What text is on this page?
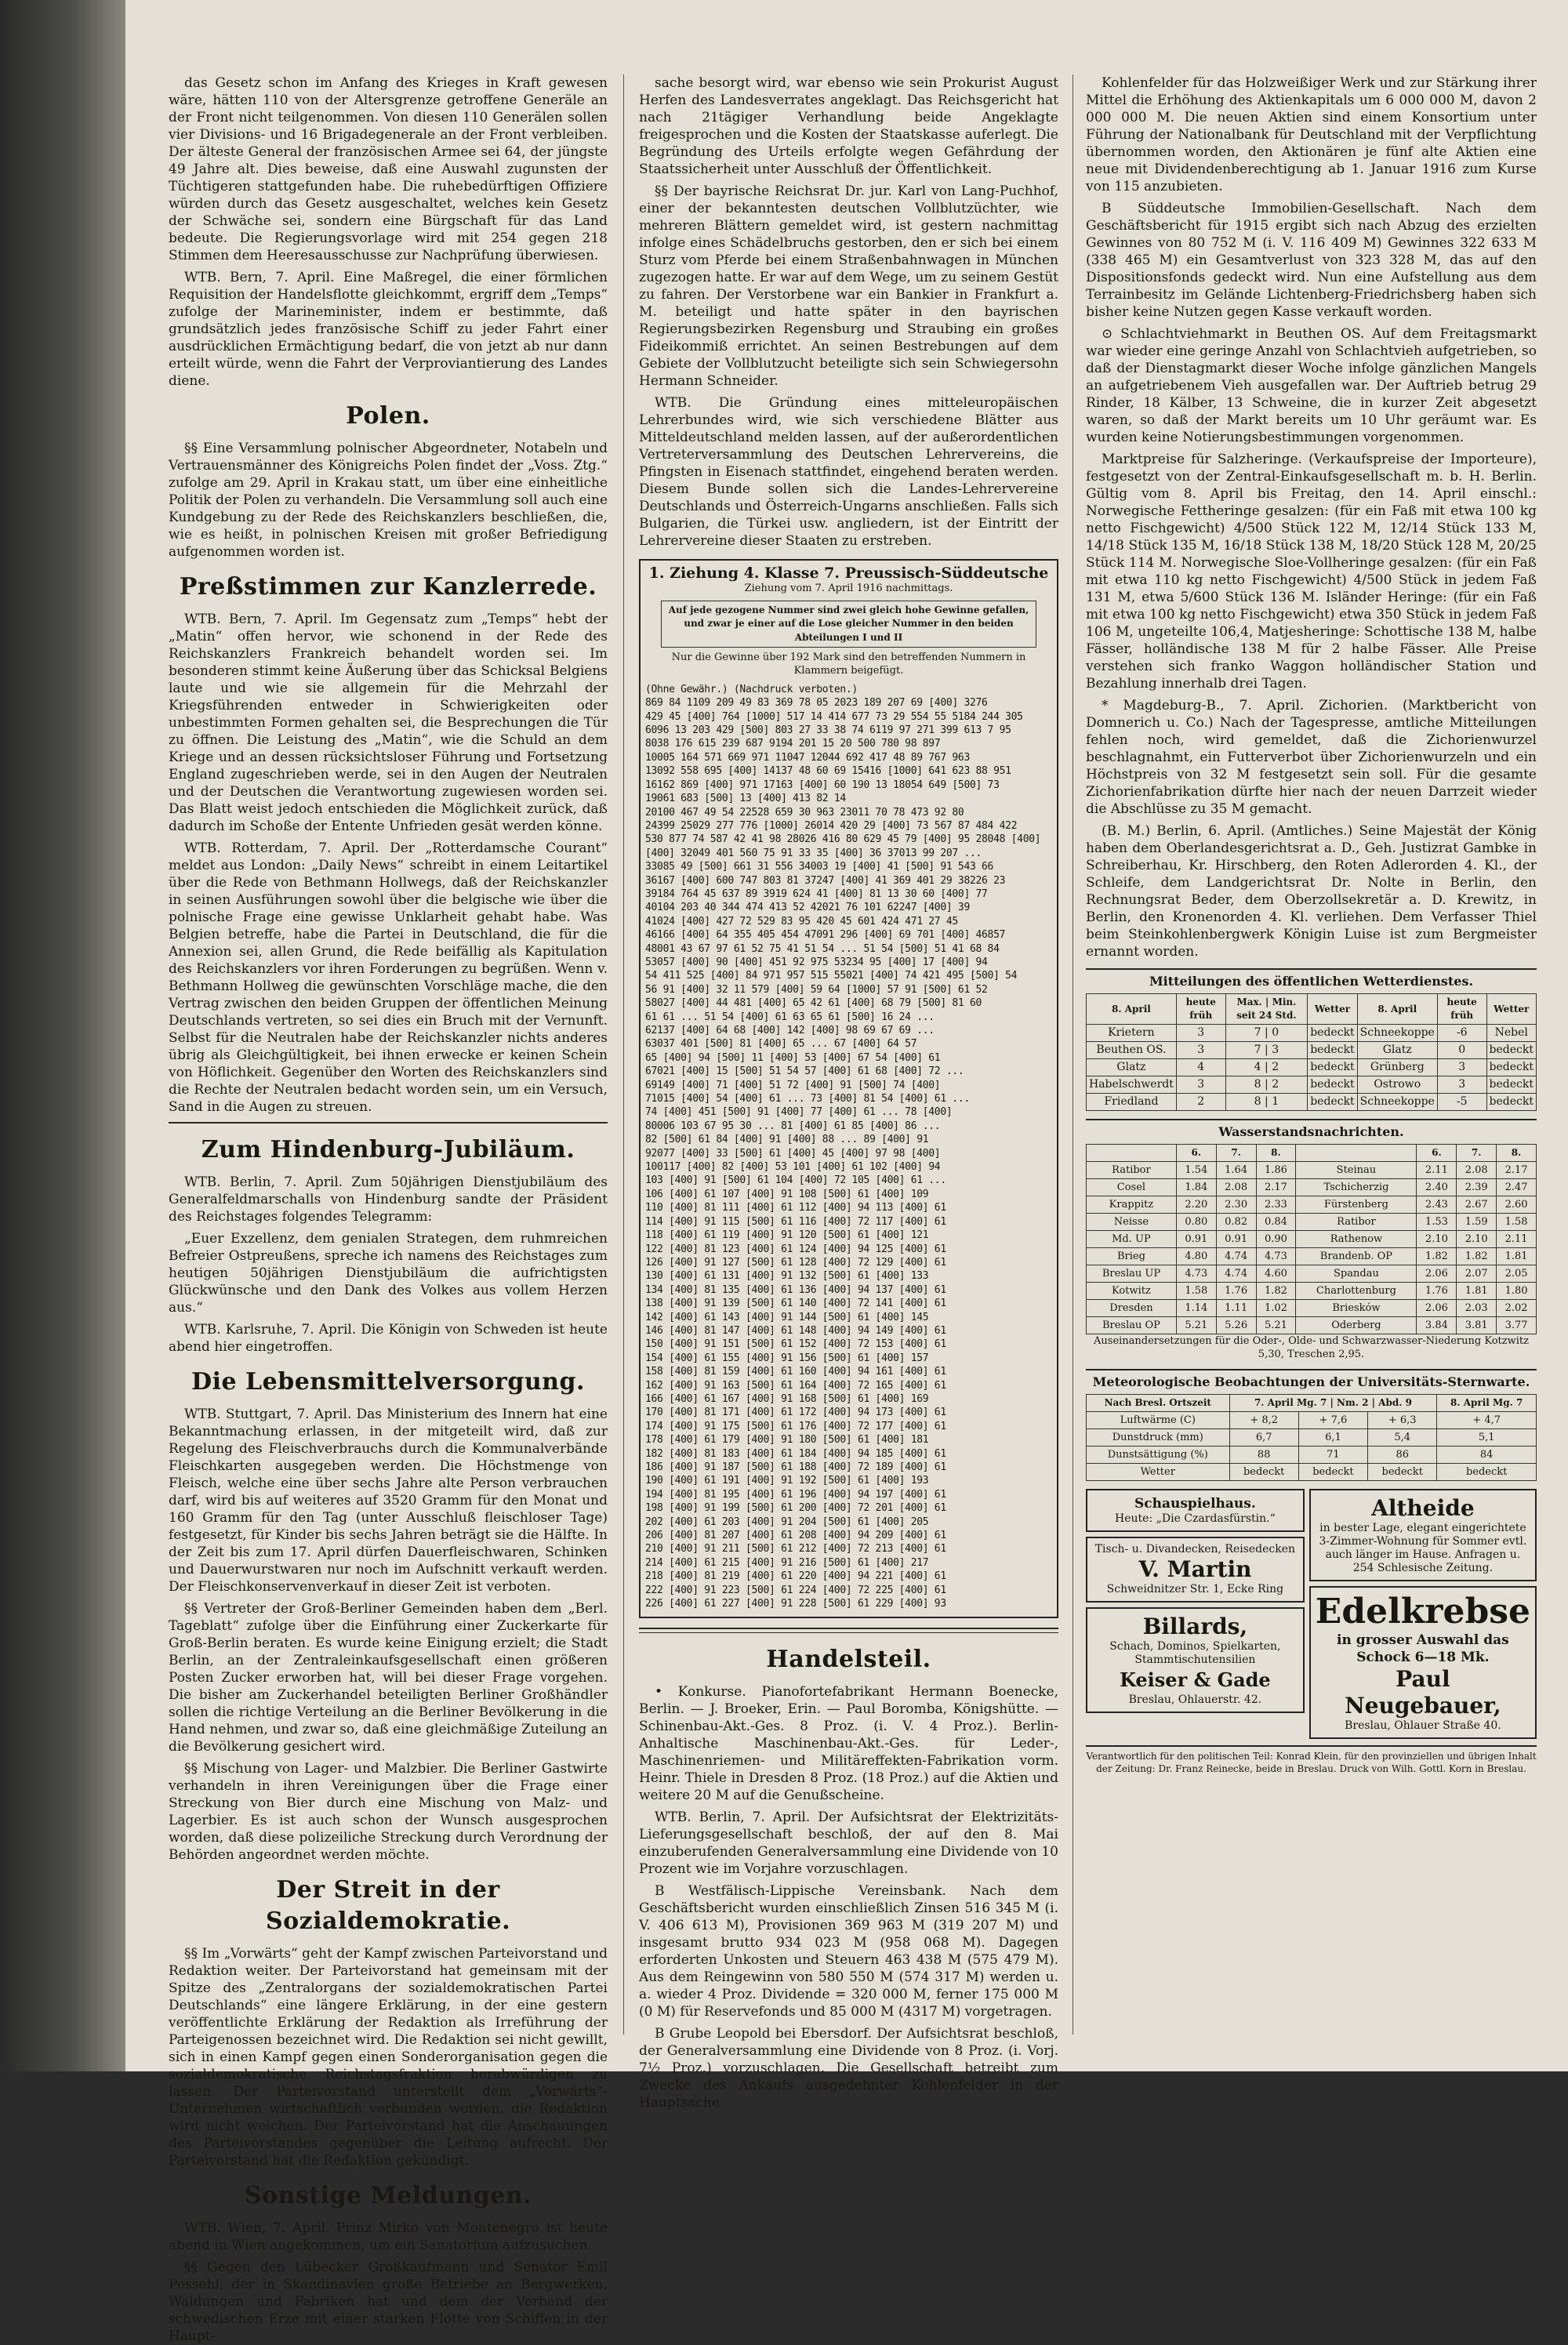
das Gesetz schon im Anfang des Krieges in Kraft gewesen wäre, hätten 110 von der Altersgrenze getroffene Generäle an der Front nicht teilgenommen. Von diesen 110 Generälen sollen vier Divisions- und 16 Brigadegenerale an der Front verbleiben. Der älteste General der französischen Armee sei 64, der jüngste 49 Jahre alt. Dies beweise, daß eine Auswahl zugunsten der Tüchtigeren stattgefunden habe. Die ruhebedürftigen Offiziere würden durch das Gesetz ausgeschaltet, welches kein Gesetz der Schwäche sei, sondern eine Bürgschaft für das Land bedeute. Die Regierungsvorlage wird mit 254 gegen 218 Stimmen dem Heeresausschusse zur Nachprüfung überwiesen.

WTB. Bern, 7. April. Eine Maßregel, die einer förmlichen Requisition der Handelsflotte gleichkommt, ergriff dem „Temps“ zufolge der Marineminister, indem er bestimmte, daß grundsätzlich jedes französische Schiff zu jeder Fahrt einer ausdrücklichen Ermächtigung bedarf, die von jetzt ab nur dann erteilt würde, wenn die Fahrt der Verproviantierung des Landes diene.

Polen.

§§ Eine Versammlung polnischer Abgeordneter, Notabeln und Vertrauensmänner des Königreichs Polen findet der „Voss. Ztg.“ zufolge am 29. April in Krakau statt, um über eine einheitliche Politik der Polen zu verhandeln. Die Versammlung soll auch eine Kundgebung zu der Rede des Reichskanzlers beschließen, die, wie es heißt, in polnischen Kreisen mit großer Befriedigung aufgenommen worden ist.

Preßstimmen zur Kanzlerrede.

WTB. Bern, 7. April. Im Gegensatz zum „Temps“ hebt der „Matin“ offen hervor, wie schonend in der Rede des Reichskanzlers Frankreich behandelt worden sei. Im besonderen stimmt keine Äußerung über das Schicksal Belgiens laute und wie sie allgemein für die Mehrzahl der Kriegsführenden entweder in Schwierigkeiten oder unbestimmten Formen gehalten sei, die Besprechungen die Tür zu öffnen. Die Leistung des „Matin“, wie die Schuld an dem Kriege und an dessen rücksichtsloser Führung und Fortsetzung England zugeschrieben werde, sei in den Augen der Neutralen und der Deutschen die Verantwortung zugewiesen worden sei. Das Blatt weist jedoch entschieden die Möglichkeit zurück, daß dadurch im Schoße der Entente Unfrieden gesät werden könne.

WTB. Rotterdam, 7. April. Der „Rotterdamsche Courant“ meldet aus London: „Daily News“ schreibt in einem Leitartikel über die Rede von Bethmann Hollwegs, daß der Reichskanzler in seinen Ausführungen sowohl über die belgische wie über die polnische Frage eine gewisse Unklarheit gehabt habe. Was Belgien betreffe, habe die Partei in Deutschland, die für die Annexion sei, allen Grund, die Rede beifällig als Kapitulation des Reichskanzlers vor ihren Forderungen zu begrüßen. Wenn v. Bethmann Hollweg die gewünschten Vorschläge mache, die den Vertrag zwischen den beiden Gruppen der öffentlichen Meinung Deutschlands vertreten, so sei dies ein Bruch mit der Vernunft. Selbst für die Neutralen habe der Reichskanzler nichts anderes übrig als Gleichgültigkeit, bei ihnen erwecke er keinen Schein von Höflichkeit. Gegenüber den Worten des Reichskanzlers sind die Rechte der Neutralen bedacht worden sein, um ein Versuch, Sand in die Augen zu streuen.

Zum Hindenburg-Jubiläum.

WTB. Berlin, 7. April. Zum 50jährigen Dienstjubiläum des Generalfeldmarschalls von Hindenburg sandte der Präsident des Reichstages folgendes Telegramm:

„Euer Exzellenz, dem genialen Strategen, dem ruhmreichen Befreier Ostpreußens, spreche ich namens des Reichstages zum heutigen 50jährigen Dienstjubiläum die aufrichtigsten Glückwünsche und den Dank des Volkes aus vollem Herzen aus.“

WTB. Karlsruhe, 7. April. Die Königin von Schweden ist heute abend hier eingetroffen.

Die Lebensmittelversorgung.

WTB. Stuttgart, 7. April. Das Ministerium des Innern hat eine Bekanntmachung erlassen, in der mitgeteilt wird, daß zur Regelung des Fleischverbrauchs durch die Kommunalverbände Fleischkarten ausgegeben werden. Die Höchstmenge von Fleisch, welche eine über sechs Jahre alte Person verbrauchen darf, wird bis auf weiteres auf 3520 Gramm für den Monat und 160 Gramm für den Tag (unter Ausschluß fleischloser Tage) festgesetzt, für Kinder bis sechs Jahren beträgt sie die Hälfte. In der Zeit bis zum 17. April dürfen Dauerfleischwaren, Schinken und Dauerwurstwaren nur noch im Aufschnitt verkauft werden. Der Fleischkonservenverkauf in dieser Zeit ist verboten.

§§ Vertreter der Groß-Berliner Gemeinden haben dem „Berl. Tageblatt“ zufolge über die Einführung einer Zuckerkarte für Groß-Berlin beraten. Es wurde keine Einigung erzielt; die Stadt Berlin, an der Zentraleinkaufsgesellschaft einen größeren Posten Zucker erworben hat, will bei dieser Frage vorgehen. Die bisher am Zuckerhandel beteiligten Berliner Großhändler sollen die richtige Verteilung an die Berliner Bevölkerung in die Hand nehmen, und zwar so, daß eine gleichmäßige Zuteilung an die Bevölkerung gesichert wird.

§§ Mischung von Lager- und Malzbier. Die Berliner Gastwirte verhandeln in ihren Vereinigungen über die Frage einer Streckung von Bier durch eine Mischung von Malz- und Lagerbier. Es ist auch schon der Wunsch ausgesprochen worden, daß diese polizeiliche Streckung durch Verordnung der Behörden angeordnet werden möchte.

Der Streit in der Sozialdemokratie.

§§ Im „Vorwärts“ geht der Kampf zwischen Parteivorstand und Redaktion weiter. Der Parteivorstand hat gemeinsam mit der Spitze des „Zentralorgans der sozialdemokratischen Partei Deutschlands“ eine längere Erklärung, in der eine gestern veröffentlichte Erklärung der Redaktion als Irreführung der Parteigenossen bezeichnet wird. Die Redaktion sei nicht gewillt, sich in einen Kampf gegen einen Sonderorganisation gegen die sozialdemokratische Reichstagsfraktion herabwürdigen zu lassen. Der Parteivorstand unterstellt dem „Vorwärts“-Unternehmen wirtschaftlich verbunden worden, die Redaktion wird nicht weichen. Der Parteivorstand hat die Anschauungen des Parteivorstandes gegenüber die Leitung aufrecht. Der Parteivorstand hat die Redaktion gekündigt.

Sonstige Meldungen.

WTB. Wien, 7. April. Prinz Mirko von Montenegro ist heute abend in Wien angekommen, um ein Sanatorium aufzusuchen.

§§ Gegen den Lübecker Großkaufmann und Senator Emil Possehl, der in Skandinavien große Betriebe an Bergwerken, Waldungen und Fabriken hat und dem der Verband der schwedischen Erze mit einer starken Flotte von Schiffen in der Haupt-

sache besorgt wird, war ebenso wie sein Prokurist August Herfen des Landesverrates angeklagt. Das Reichsgericht hat nach 21tägiger Verhandlung beide Angeklagte freigesprochen und die Kosten der Staatskasse auferlegt. Die Begründung des Urteils erfolgte wegen Gefährdung der Staatssicherheit unter Ausschluß der Öffentlichkeit.

§§ Der bayrische Reichsrat Dr. jur. Karl von Lang-Puchhof, einer der bekanntesten deutschen Vollblutzüchter, wie mehreren Blättern gemeldet wird, ist gestern nachmittag infolge eines Schädelbruchs gestorben, den er sich bei einem Sturz vom Pferde bei einem Straßenbahnwagen in München zugezogen hatte. Er war auf dem Wege, um zu seinem Gestüt zu fahren. Der Verstorbene war ein Bankier in Frankfurt a. M. beteiligt und hatte später in den bayrischen Regierungsbezirken Regensburg und Straubing ein großes Fideikommiß errichtet. An seinen Bestrebungen auf dem Gebiete der Vollblutzucht beteiligte sich sein Schwiegersohn Hermann Schneider.

WTB. Die Gründung eines mitteleuropäischen Lehrerbundes wird, wie sich verschiedene Blätter aus Mitteldeutschland melden lassen, auf der außerordentlichen Vertreterversammlung des Deutschen Lehrervereins, die Pfingsten in Eisenach stattfindet, eingehend beraten werden. Diesem Bunde sollen sich die Landes-Lehrervereine Deutschlands und Österreich-Ungarns anschließen. Falls sich Bulgarien, die Türkei usw. angliedern, ist der Eintritt der Lehrervereine dieser Staaten zu erstreben.

1. Ziehung 4. Klasse 7. Preussisch-Süddeutsche
Ziehung vom 7. April 1916 nachmittags.
Auf jede gezogene Nummer sind zwei gleich hohe Gewinne gefallen, und zwar je einer auf die Lose gleicher Nummer in den beiden Abteilungen I und II
Nur die Gewinne über 192 Mark sind den betreffenden Nummern in Klammern beigefügt.
(Ohne Gewähr.) (Nachdruck verboten.)
869 84 1109 209 49 83 369 78 05 2023 189 207 69 [400] 3276
429 45 [400] 764 [1000] 517 14 414 677 73 29 554 55 5184 244 305
6096 13 203 429 [500] 803 27 33 38 74 6119 97 271 399 613 7 95
8038 176 615 239 687 9194 201 15 20 500 780 98 897
10005 164 571 669 971 11047 12044 692 417 48 89 767 963
13092 558 695 [400] 14137 48 60 69 15416 [1000] 641 623 88 951
16162 869 [400] 971 17163 [400] 60 190 13 18054 649 [500] 73
19061 683 [500] 13 [400] 413 82 14
20100 467 49 54 22528 659 30 963 23011 70 78 473 92 80
24399 25029 277 776 [1000] 26014 420 29 [400] 73 567 87 484 422
530 877 74 587 42 41 98 28026 416 80 629 45 79 [400] 95 28048 [400]
[400] 32049 401 560 75 91 33 35 [400] 36 37013 99 207 ...
33085 49 [500] 661 31 556 34003 19 [400] 41 [500] 91 543 66
36167 [400] 600 747 803 81 37247 [400] 41 369 401 29 38226 23
39184 764 45 637 89 3919 624 41 [400] 81 13 30 60 [400] 77
40104 203 40 344 474 413 52 42021 76 101 62247 [400] 39
41024 [400] 427 72 529 83 95 420 45 601 424 471 27 45
46166 [400] 64 355 405 454 47091 296 [400] 69 701 [400] 46857
48001 43 67 97 61 52 75 41 51 54 ... 51 54 [500] 51 41 68 84
53057 [400] 90 [400] 451 92 975 53234 95 [400] 17 [400] 94
54 411 525 [400] 84 971 957 515 55021 [400] 74 421 495 [500] 54
56 91 [400] 32 11 579 [400] 59 64 [1000] 57 91 [500] 61 52
58027 [400] 44 481 [400] 65 42 61 [400] 68 79 [500] 81 60
61 61 ... 51 54 [400] 61 63 65 61 [500] 16 24 ...
62137 [400] 64 68 [400] 142 [400] 98 69 67 69 ...
63037 401 [500] 81 [400] 65 ... 67 [400] 64 57
65 [400] 94 [500] 11 [400] 53 [400] 67 54 [400] 61
67021 [400] 15 [500] 51 54 57 [400] 61 68 [400] 72 ...
69149 [400] 71 [400] 51 72 [400] 91 [500] 74 [400]
71015 [400] 54 [400] 61 ... 73 [400] 81 54 [400] 61 ...
74 [400] 451 [500] 91 [400] 77 [400] 61 ... 78 [400]
80006 103 67 95 30 ... 81 [400] 61 85 [400] 86 ...
82 [500] 61 84 [400] 91 [400] 88 ... 89 [400] 91
92077 [400] 33 [500] 61 [400] 45 [400] 97 98 [400]
100117 [400] 82 [400] 53 101 [400] 61 102 [400] 94
103 [400] 91 [500] 61 104 [400] 72 105 [400] 61 ...
106 [400] 61 107 [400] 91 108 [500] 61 [400] 109
110 [400] 81 111 [400] 61 112 [400] 94 113 [400] 61
114 [400] 91 115 [500] 61 116 [400] 72 117 [400] 61
118 [400] 61 119 [400] 91 120 [500] 61 [400] 121
122 [400] 81 123 [400] 61 124 [400] 94 125 [400] 61
126 [400] 91 127 [500] 61 128 [400] 72 129 [400] 61
130 [400] 61 131 [400] 91 132 [500] 61 [400] 133
134 [400] 81 135 [400] 61 136 [400] 94 137 [400] 61
138 [400] 91 139 [500] 61 140 [400] 72 141 [400] 61
142 [400] 61 143 [400] 91 144 [500] 61 [400] 145
146 [400] 81 147 [400] 61 148 [400] 94 149 [400] 61
150 [400] 91 151 [500] 61 152 [400] 72 153 [400] 61
154 [400] 61 155 [400] 91 156 [500] 61 [400] 157
158 [400] 81 159 [400] 61 160 [400] 94 161 [400] 61
162 [400] 91 163 [500] 61 164 [400] 72 165 [400] 61
166 [400] 61 167 [400] 91 168 [500] 61 [400] 169
170 [400] 81 171 [400] 61 172 [400] 94 173 [400] 61
174 [400] 91 175 [500] 61 176 [400] 72 177 [400] 61
178 [400] 61 179 [400] 91 180 [500] 61 [400] 181
182 [400] 81 183 [400] 61 184 [400] 94 185 [400] 61
186 [400] 91 187 [500] 61 188 [400] 72 189 [400] 61
190 [400] 61 191 [400] 91 192 [500] 61 [400] 193
194 [400] 81 195 [400] 61 196 [400] 94 197 [400] 61
198 [400] 91 199 [500] 61 200 [400] 72 201 [400] 61
202 [400] 61 203 [400] 91 204 [500] 61 [400] 205
206 [400] 81 207 [400] 61 208 [400] 94 209 [400] 61
210 [400] 91 211 [500] 61 212 [400] 72 213 [400] 61
214 [400] 61 215 [400] 91 216 [500] 61 [400] 217
218 [400] 81 219 [400] 61 220 [400] 94 221 [400] 61
222 [400] 91 223 [500] 61 224 [400] 72 225 [400] 61
226 [400] 61 227 [400] 91 228 [500] 61 229 [400] 93
Handelsteil.

• Konkurse. Pianofortefabrikant Hermann Boenecke, Berlin. — J. Broeker, Erin. — Paul Boromba, Königshütte. — Schinenbau-Akt.-Ges. 8 Proz. (i. V. 4 Proz.). Berlin-Anhaltische Maschinenbau-Akt.-Ges. für Leder-, Maschinenriemen- und Militäreffekten-Fabrikation vorm. Heinr. Thiele in Dresden 8 Proz. (18 Proz.) auf die Aktien und weitere 20 M auf die Genußscheine.

WTB. Berlin, 7. April. Der Aufsichtsrat der Elektrizitäts-Lieferungsgesellschaft beschloß, der auf den 8. Mai einzuberufenden Generalversammlung eine Dividende von 10 Prozent wie im Vorjahre vorzuschlagen.

B Westfälisch-Lippische Vereinsbank. Nach dem Geschäftsbericht wurden einschließlich Zinsen 516 345 M (i. V. 406 613 M), Provisionen 369 963 M (319 207 M) und insgesamt brutto 934 023 M (958 068 M). Dagegen erforderten Unkosten und Steuern 463 438 M (575 479 M). Aus dem Reingewinn von 580 550 M (574 317 M) werden u. a. wieder 4 Proz. Dividende = 320 000 M, ferner 175 000 M (0 M) für Reservefonds und 85 000 M (4317 M) vorgetragen.

B Grube Leopold bei Ebersdorf. Der Aufsichtsrat beschloß, der Generalversammlung eine Dividende von 8 Proz. (i. Vorj. 7½ Proz.) vorzuschlagen. Die Gesellschaft betreibt zum Zwecke des Ankaufs ausgedehnter Kohlenfelder in der Hauptsache

Kohlenfelder für das Holzweißiger Werk und zur Stärkung ihrer Mittel die Erhöhung des Aktienkapitals um 6 000 000 M, davon 2 000 000 M. Die neuen Aktien sind einem Konsortium unter Führung der Nationalbank für Deutschland mit der Verpflichtung übernommen worden, den Aktionären je fünf alte Aktien eine neue mit Dividendenberechtigung ab 1. Januar 1916 zum Kurse von 115 anzubieten.

B Süddeutsche Immobilien-Gesellschaft. Nach dem Geschäftsbericht für 1915 ergibt sich nach Abzug des erzielten Gewinnes von 80 752 M (i. V. 116 409 M) Gewinnes 322 633 M (338 465 M) ein Gesamtverlust von 323 328 M, das auf den Dispositionsfonds gedeckt wird. Nun eine Aufstellung aus dem Terrainbesitz im Gelände Lichtenberg-Friedrichsberg haben sich bisher keine Nutzen gegen Kasse verkauft worden.

⊙ Schlachtviehmarkt in Beuthen OS. Auf dem Freitagsmarkt war wieder eine geringe Anzahl von Schlachtvieh aufgetrieben, so daß der Dienstagmarkt dieser Woche infolge gänzlichen Mangels an aufgetriebenem Vieh ausgefallen war. Der Auftrieb betrug 29 Rinder, 18 Kälber, 13 Schweine, die in kurzer Zeit abgesetzt waren, so daß der Markt bereits um 10 Uhr geräumt war. Es wurden keine Notierungsbestimmungen vorgenommen.

Marktpreise für Salzheringe. (Verkaufspreise der Importeure), festgesetzt von der Zentral-Einkaufsgesellschaft m. b. H. Berlin. Gültig vom 8. April bis Freitag, den 14. April einschl.: Norwegische Fettheringe gesalzen: (für ein Faß mit etwa 100 kg netto Fischgewicht) 4/500 Stück 122 M, 12/14 Stück 133 M, 14/18 Stück 135 M, 16/18 Stück 138 M, 18/20 Stück 128 M, 20/25 Stück 114 M. Norwegische Sloe-Vollheringe gesalzen: (für ein Faß mit etwa 110 kg netto Fischgewicht) 4/500 Stück in jedem Faß 131 M, etwa 5/600 Stück 136 M. Isländer Heringe: (für ein Faß mit etwa 100 kg netto Fischgewicht) etwa 350 Stück in jedem Faß 106 M, ungeteilte 106,4, Matjesheringe: Schottische 138 M, halbe Fässer, holländische 138 M für 2 halbe Fässer. Alle Preise verstehen sich franko Waggon holländischer Station und Bezahlung innerhalb drei Tagen.

* Magdeburg-B., 7. April. Zichorien. (Marktbericht von Domnerich u. Co.) Nach der Tagespresse, amtliche Mitteilungen fehlen noch, wird gemeldet, daß die Zichorienwurzel beschlagnahmt, ein Futterverbot über Zichorienwurzeln und ein Höchstpreis von 32 M festgesetzt sein soll. Für die gesamte Zichorienfabrikation dürfte hier nach der neuen Darrzeit wieder die Abschlüsse zu 35 M gemacht.

(B. M.) Berlin, 6. April. (Amtliches.) Seine Majestät der König haben dem Oberlandesgerichtsrat a. D., Geh. Justizrat Gambke in Schreiberhau, Kr. Hirschberg, den Roten Adlerorden 4. Kl., der Schleife, dem Landgerichtsrat Dr. Nolte in Berlin, den Rechnungsrat Beder, dem Oberzollsekretär a. D. Krewitz, in Berlin, den Kronenorden 4. Kl. verliehen. Dem Verfasser Thiel beim Steinkohlenbergwerk Königin Luise ist zum Bergmeister ernannt worden.

Mitteilungen des öffentlichen Wetterdienstes.
8. April	heute früh	Max. | Min. seit 24 Std.	Wetter	8. April	heute früh	Wetter
Krietern	3	7 | 0	bedeckt	Schneekoppe	-6	Nebel
Beuthen OS.	3	7 | 3	bedeckt	Glatz	0	bedeckt
Glatz	4	4 | 2	bedeckt	Grünberg	3	bedeckt
Habelschwerdt	3	8 | 2	bedeckt	Ostrowo	3	bedeckt
Friedland	2	8 | 1	bedeckt	Schneekoppe	-5	bedeckt
Wasserstandsnachrichten.
	6.	7.	8.		6.	7.	8.
Ratibor	1.54	1.64	1.86	Steinau	2.11	2.08	2.17
Cosel	1.84	2.08	2.17	Tschicherzig	2.40	2.39	2.47
Krappitz	2.20	2.30	2.33	Fürstenberg	2.43	2.67	2.60
Neisse	0.80	0.82	0.84	Ratibor	1.53	1.59	1.58
Md. UP	0.91	0.91	0.90	Rathenow	2.10	2.10	2.11
Brieg	4.80	4.74	4.73	Brandenb. OP	1.82	1.82	1.81
Breslau UP	4.73	4.74	4.60	Spandau	2.06	2.07	2.05
Kotwitz	1.58	1.76	1.82	Charlottenburg	1.76	1.81	1.80
Dresden	1.14	1.11	1.02	Briesków	2.06	2.03	2.02
Breslau OP	5.21	5.26	5.21	Oderberg	3.84	3.81	3.77
Auseinandersetzungen für die Oder-, Olde- und Schwarzwasser-Niederung Kotzwitz 5,30, Treschen 2,95.
Meteorologische Beobachtungen der Universitäts-Sternwarte.
Nach Bresl. Ortszeit	7. April Mg. 7 | Nm. 2 | Abd. 9			8. April Mg. 7
Luftwärme (C)	+ 8,2	+ 7,6	+ 6,3	+ 4,7
Dunstdruck (mm)	6,7	6,1	5,4	5,1
Dunstsättigung (%)	88	71	86	84
Wetter	bedeckt	bedeckt	bedeckt	bedeckt
Schauspielhaus.
Heute: „Die Czardasfürstin.“
Tisch- u. Divandecken, Reisedecken
V. Martin
Schweidnitzer Str. 1, Ecke Ring
Billards,
Schach, Dominos, Spielkarten, Stammtischutensilien
Keiser & Gade
Breslau, Ohlauerstr. 42.
Altheide
in bester Lage, elegant eingerichtete 3-Zimmer-Wohnung für Sommer evtl. auch länger im Hause. Anfragen u. 254 Schlesische Zeitung.
Edelkrebse
in grosser Auswahl das Schock 6—18 Mk.
Paul Neugebauer,
Breslau, Ohlauer Straße 40.
Verantwortlich für den politischen Teil: Konrad Klein, für den provinziellen und übrigen Inhalt der Zeitung: Dr. Franz Reinecke, beide in Breslau. Druck von Wilh. Gottl. Korn in Breslau.
